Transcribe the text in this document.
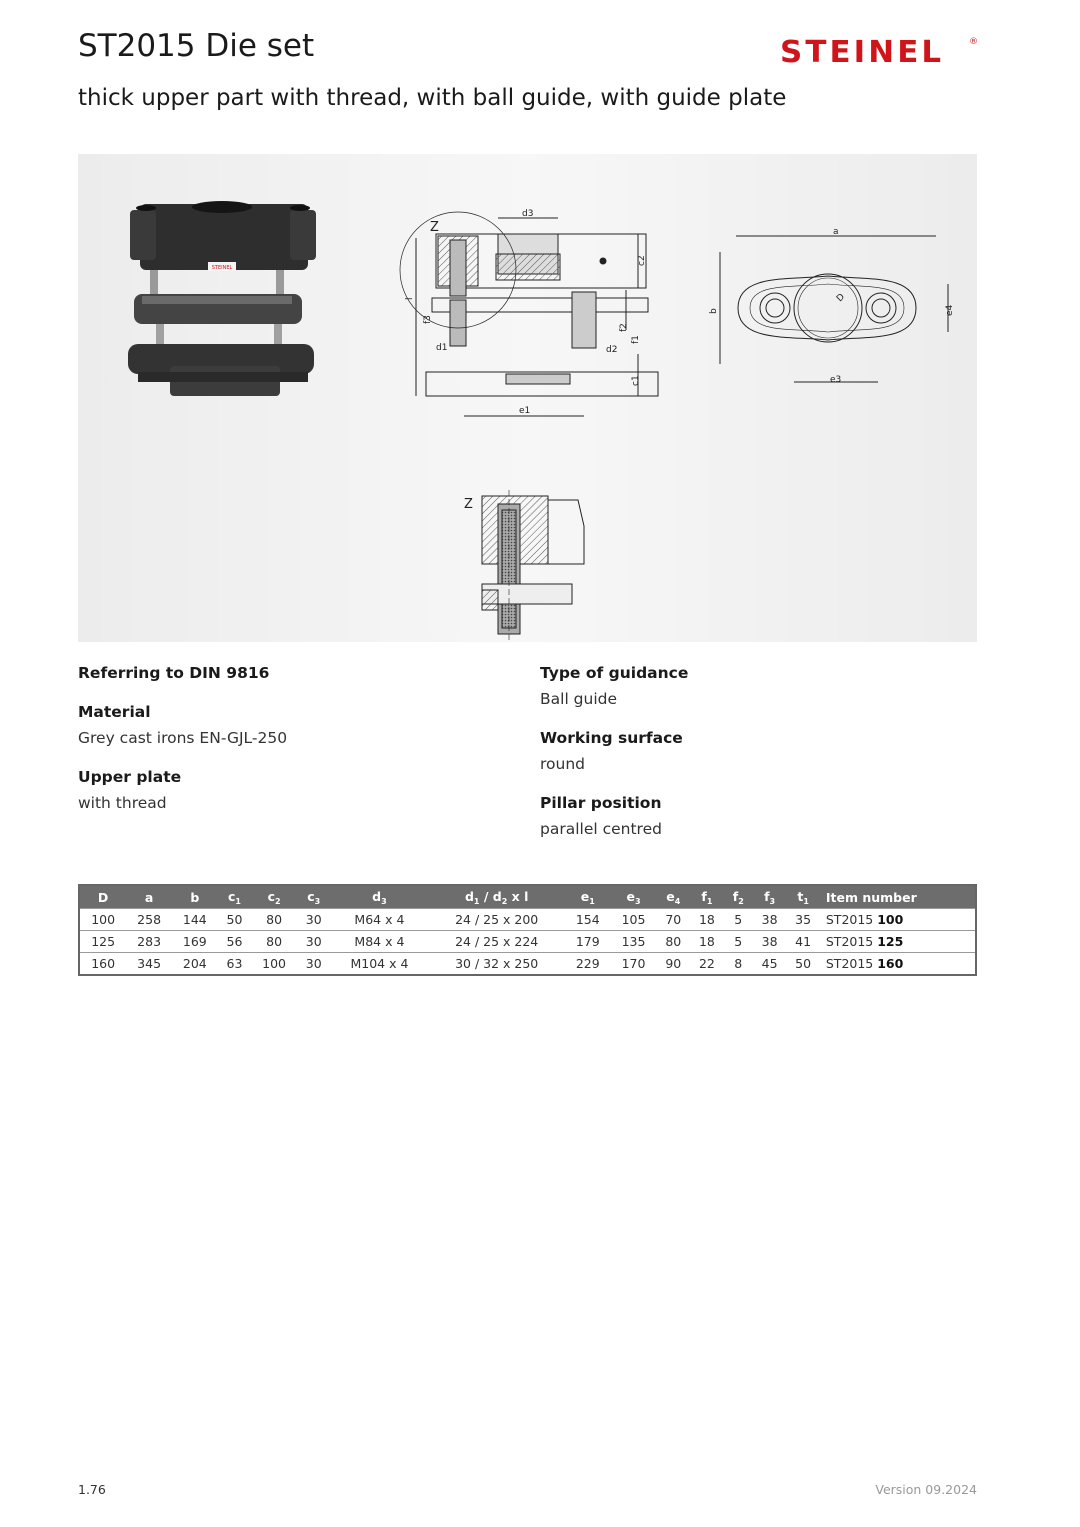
ST2015 Die set
thick upper part with thread, with ball guide, with guide plate
STEINEL	®
STEINEL
Z
d3
c2
l
f3
f2
f1
d1	d2
c1
e1
a
b
D
e4
e3
Z
Referring to DIN 9816
Material
Grey cast irons EN-GJL-250
Upper plate
with thread
Type of guidance
Ball guide
Working surface
round
Pillar position
parallel centred
D	a	b	$c_1$	$c_2$	$c_3$	$d_3$	$d_1 / d_2$ x l	$e_1$	$e_3$	$e_4$	$f_1$	$f_2$	$f_3$	$t_1$	Item number
100	258	144	50	80	30	M64 x 4	24 / 25 x 200	154	105	70	18	5	38	35	ST2015 100
125	283	169	56	80	30	M84 x 4	24 / 25 x 224	179	135	80	18	5	38	41	ST2015 125
160	345	204	63	100	30	M104 x 4	30 / 32 x 250	229	170	90	22	8	45	50	ST2015 160
1.76	Version 09.2024
